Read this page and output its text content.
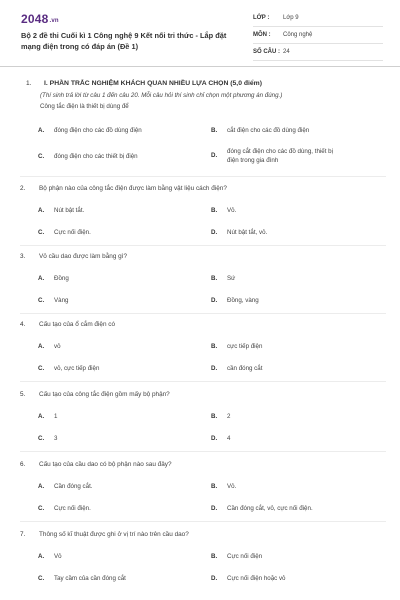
2048.vn
Bộ 2 đề thi Cuối kì 1 Công nghệ 9 Kết nối tri thức - Lắp đặt mạng điện trong có đáp án (Đề 1)
LỚP : Lớp 9
MÔN : Công nghệ
SỐ CÂU : 24
1. I. PHẦN TRẮC NGHIỆM KHÁCH QUAN NHIỀU LỰA CHỌN (5,0 điểm)
(Thí sinh trả lời từ câu 1 đến câu 20. Mỗi câu hỏi thí sinh chỉ chọn một phương án đúng.)
Công tắc điện là thiết bị dùng để
A. đóng điện cho các đồ dùng điện	B. cắt điện cho các đồ dùng điện
C. đóng điện cho các thiết bị điện	D.đóng cắt điện cho các đồ dùng, thiết bị
điện trong gia đình
2. Bộ phận nào của công tắc điện được làm bằng vật liệu cách điện?
A. Nút bật tắt.	B. Vỏ.
C. Cực nối điện.	D. Nút bật tắt, vỏ.
3. Vỏ cầu dao được làm bằng gì?
A. Đồng	B. Sứ
C. Vàng	D. Đồng, vàng
4. Cấu tạo của ổ cắm điện có
A. vỏ	B. cực tiếp điện
C. vỏ, cực tiếp điện	D. cần đóng cắt
5. Cấu tạo của công tắc điện gồm mấy bộ phận?
A. 1	B. 2
C. 3	D. 4
6. Cấu tạo của cầu dao có bộ phận nào sau đây?
A. Cần đóng cắt.	B. Vỏ.
C. Cực nối điện.	D. Cần đóng cắt, vỏ, cực nối điện.
7. Thông số kĩ thuật được ghi ở vị trí nào trên cầu dao?
A. Vỏ	B. Cực nối điện
C. Tay cầm của cần đóng cắt	D. Cực nối điện hoặc vỏ
